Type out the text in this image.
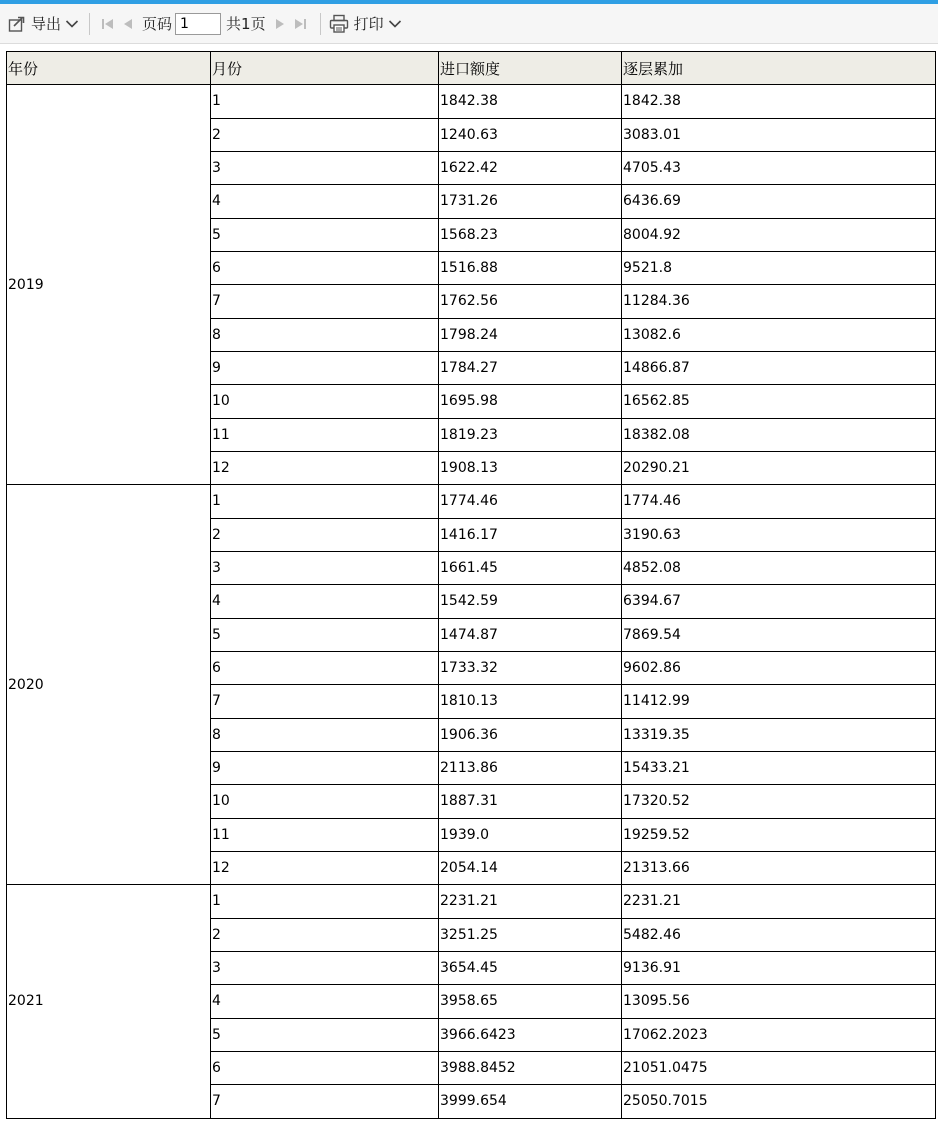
导出	页码
1	共1页	打印
年份	月份	进口额度	逐层累加
2019	1	1842.38	1842.38
	2	1240.63	3083.01
	3	1622.42	4705.43
	4	1731.26	6436.69
	5	1568.23	8004.92
	6	1516.88	9521.8
	7	1762.56	11284.36
	8	1798.24	13082.6
	9	1784.27	14866.87
	10	1695.98	16562.85
	11	1819.23	18382.08
	12	1908.13	20290.21
2020	1	1774.46	1774.46
	2	1416.17	3190.63
	3	1661.45	4852.08
	4	1542.59	6394.67
	5	1474.87	7869.54
	6	1733.32	9602.86
	7	1810.13	11412.99
	8	1906.36	13319.35
	9	2113.86	15433.21
	10	1887.31	17320.52
	11	1939.0	19259.52
	12	2054.14	21313.66
2021	1	2231.21	2231.21
	2	3251.25	5482.46
	3	3654.45	9136.91
	4	3958.65	13095.56
	5	3966.6423	17062.2023
	6	3988.8452	21051.0475
	7	3999.654	25050.7015
